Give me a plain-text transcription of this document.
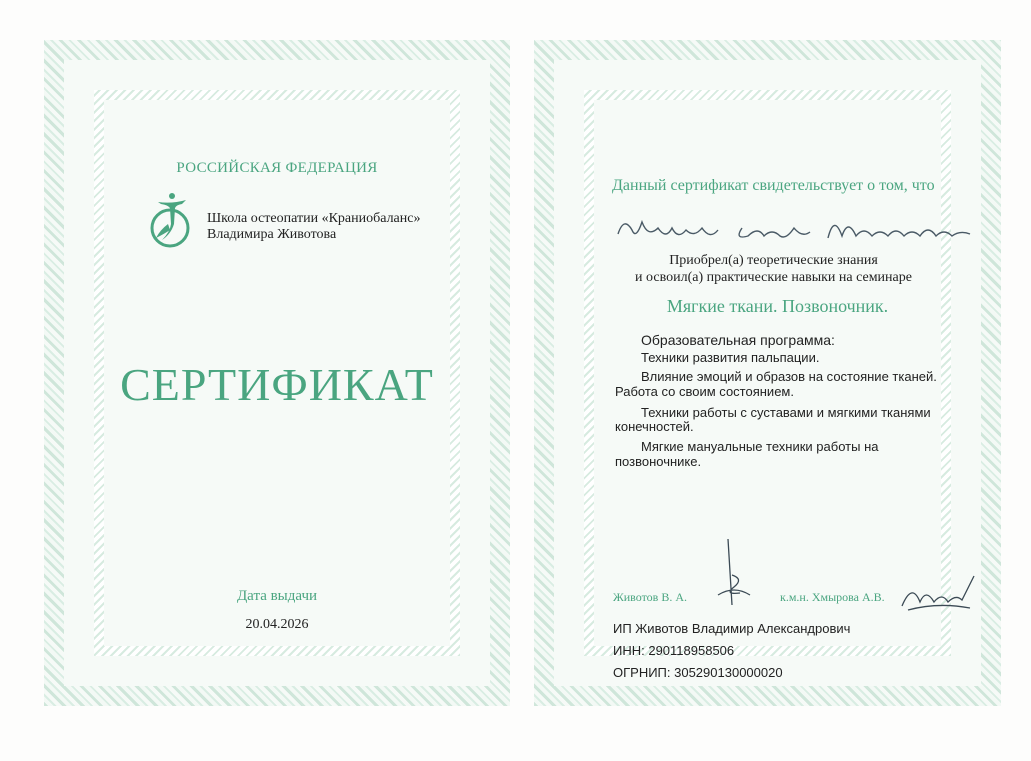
РОССИЙСКАЯ ФЕДЕРАЦИЯ
Школа остеопатии «Краниобаланс»
Владимира Животова
СЕРТИФИКАТ
Дата выдачи
20.04.2026
Данный сертификат свидетельствует о том, что
Приобрел(а) теоретические знания
и освоил(а) практические навыки на семинаре
Мягкие ткани. Позвоночник.
Образовательная программа:
Техники развития пальпации.
Влияние эмоций и образов на состояние тканей.
Работа со своим состоянием.
Техники работы с суставами и мягкими тканями
конечностей.
Мягкие мануальные техники работы на
позвоночнике.
Животов В. А.	к.м.н. Хмырова А.В.
ИП Животов Владимир Александрович
ИНН: 290118958506
ОГРНИП: 305290130000020
